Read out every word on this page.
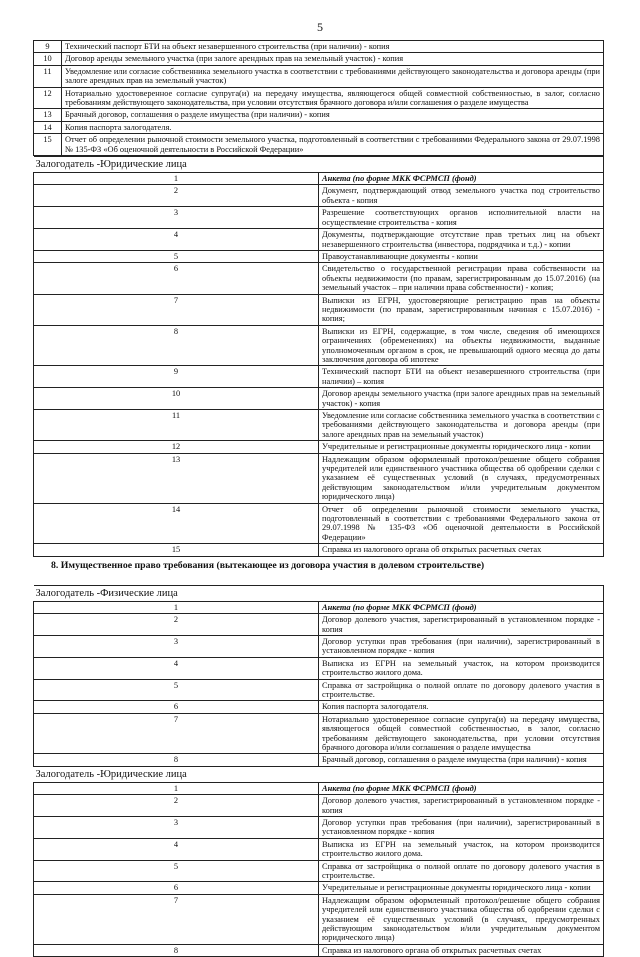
5
9	Технический паспорт БТИ на объект незавершенного строительства (при наличии) - копия
10	Договор аренды земельного участка (при залоге арендных прав на земельный участок) - копия
11	Уведомление или согласие собственника земельного участка в соответствии с требованиями действующего законодательства и договора аренды (при залоге арендных прав на земельный участок)
12	Нотариально удостоверенное согласие супруга(и) на передачу имущества, являющегося общей совместной собственностью, в залог, согласно требованиям действующего законодательства, при условии отсутствия брачного договора и/или соглашения о разделе имущества
13	Брачный договор, соглашения о разделе имущества (при наличии) - копия
14	Копия паспорта залогодателя.
15	Отчет об определении рыночной стоимости земельного участка, подготовленный в соответствии с требованиями Федерального закона от 29.07.1998 № 135-ФЗ «Об оценочной деятельности в Российской Федерации»
Залогодатель -Юридические лица	
1	Анкета (по форме МКК ФСРМСП (фонд)
2	Документ, подтверждающий отвод земельного участка под строительство объекта - копия
3	Разрешение соответствующих органов исполнительной власти на осуществление строительства - копия
4	Документы, подтверждающие отсутствие прав третьих лиц на объект незавершенного строительства (инвестора, подрядчика и т.д.) - копии
5	Правоустанавливающие документы - копии
6	Свидетельство о государственной регистрации права собственности на объекты недвижимости (по правам, зарегистрированным до 15.07.2016) (на земельный участок – при наличии права собственности) - копия;
7	Выписки из ЕГРН, удостоверяющие регистрацию прав на объекты недвижимости (по правам, зарегистрированным начиная с 15.07.2016) - копия;
8	Выписки из ЕГРН, содержащие, в том числе, сведения об имеющихся ограничениях (обременениях) на объекты недвижимости, выданные уполномоченным органом в срок, не превышающий одного месяца до даты заключения договора об ипотеке
9	Технический паспорт БТИ на объект незавершенного строительства (при наличии) – копия
10	Договор аренды земельного участка (при залоге арендных прав на земельный участок) - копия
11	Уведомление или согласие собственника земельного участка в соответствии с требованиями действующего законодательства и договора аренды (при залоге арендных прав на земельный участок)
12	Учредительные и регистрационные документы юридического лица - копии
13	Надлежащим образом оформленный протокол/решение общего собрания учредителей или единственного участника общества об одобрении сделки с указанием её существенных условий (в случаях, предусмотренных действующим законодательством и/или учредительным документом юридического лица)
14	Отчет об определении рыночной стоимости земельного участка, подготовленный в соответствии с требованиями Федерального закона от 29.07.1998 № 135-ФЗ «Об оценочной деятельности в Российской Федерации»
15	Справка из налогового органа об открытых расчетных счетах
8. Имущественное право требования (вытекающее из договора участия в долевом строительстве)
Залогодатель -Физические лица	
1	Анкета (по форме МКК ФСРМСП (фонд)
2	Договор долевого участия, зарегистрированный в установленном порядке - копия
3	Договор уступки прав требования (при наличии), зарегистрированный в установленном порядке - копия
4	Выписка из ЕГРН на земельный участок, на котором производится строительство жилого дома.
5	Справка от застройщика о полной оплате по договору долевого участия в строительстве.
6	Копия паспорта залогодателя.
7	Нотариально удостоверенное согласие супруга(и) на передачу имущества, являющегося общей совместной собственностью, в залог, согласно требованиям действующего законодательства, при условии отсутствия брачного договора и/или соглашения о разделе имущества
8	Брачный договор, соглашения о разделе имущества (при наличии) - копия
Залогодатель -Юридические лица	
1	Анкета (по форме МКК ФСРМСП (фонд)
2	Договор долевого участия, зарегистрированный в установленном порядке - копия
3	Договор уступки прав требования (при наличии), зарегистрированный в установленном порядке - копия
4	Выписка из ЕГРН на земельный участок, на котором производится строительство жилого дома.
5	Справка от застройщика о полной оплате по договору долевого участия в строительстве.
6	Учредительные и регистрационные документы юридического лица - копии
7	Надлежащим образом оформленный протокол/решение общего собрания учредителей или единственного участника общества об одобрении сделки с указанием её существенных условий (в случаях, предусмотренных действующим законодательством и/или учредительным документом юридического лица)
8	Справка из налогового органа об открытых расчетных счетах
